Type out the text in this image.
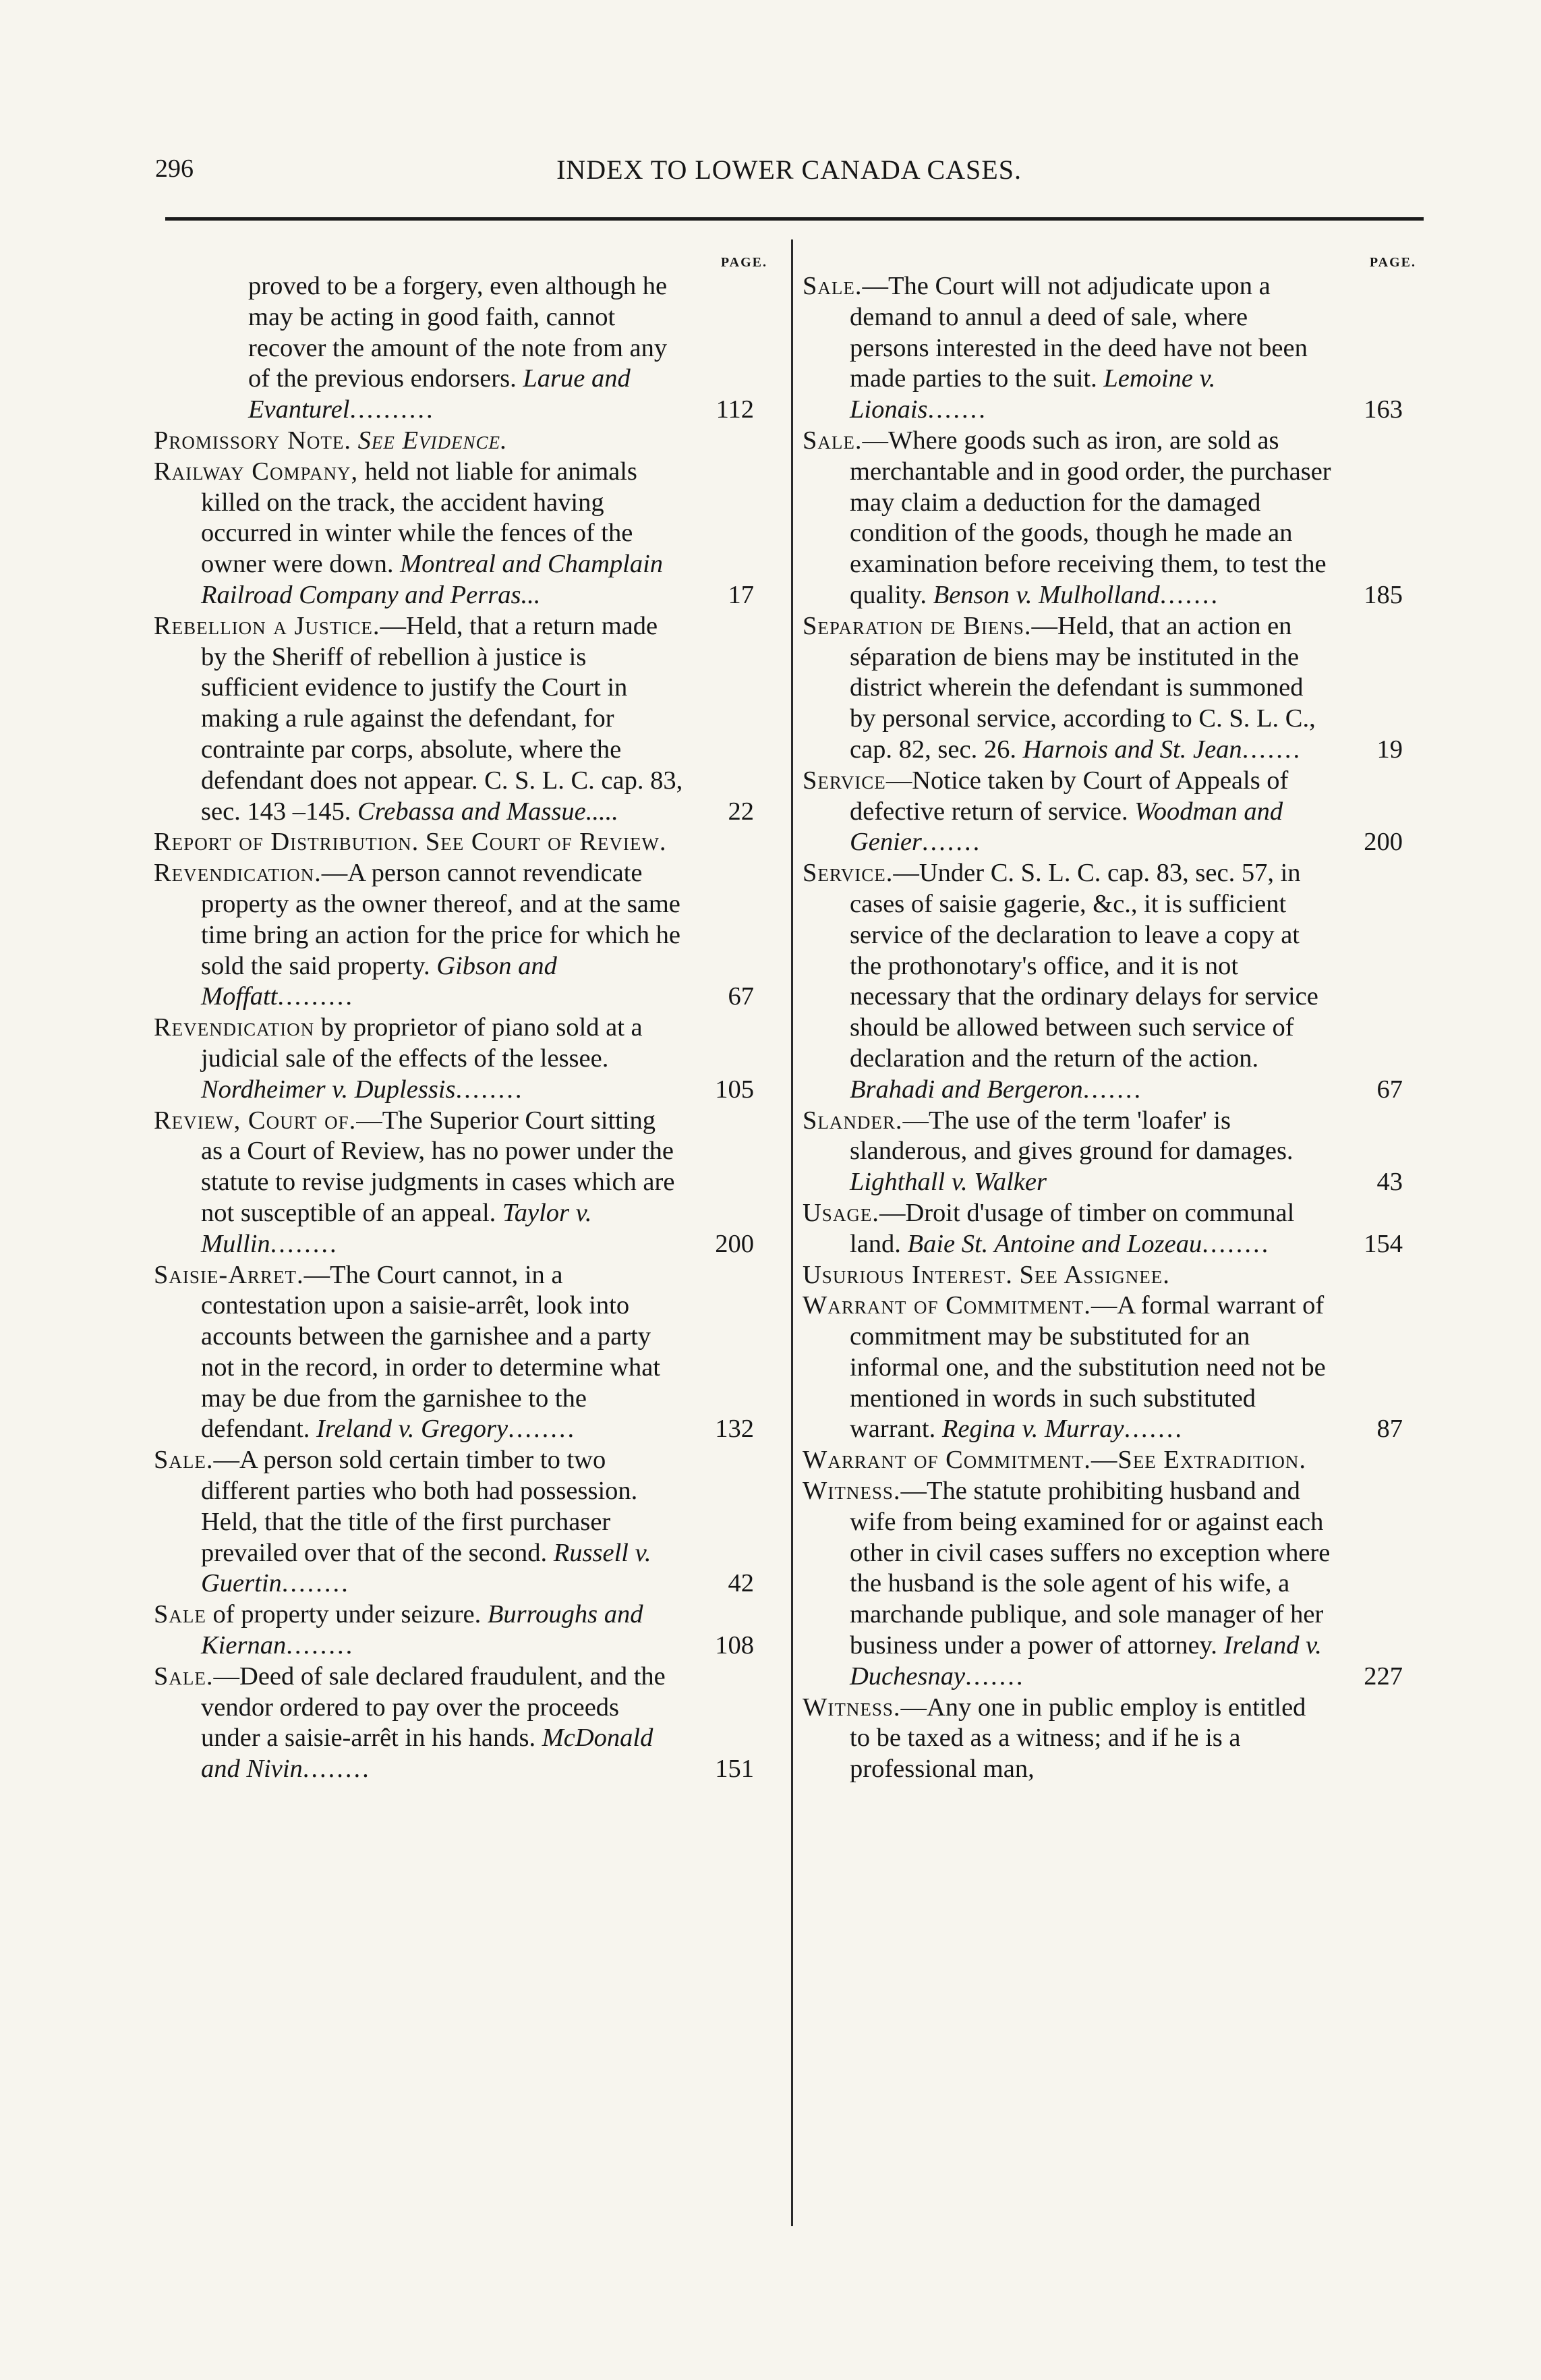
296	INDEX TO LOWER CANADA CASES.
PAGE.
proved to be a forgery, even although he may be acting in good faith, cannot recover the amount of the note from any of the previous endorsers. Larue and Evanturel..........	112
Promissory Note. See Evidence.
Railway Company, held not liable for animals killed on the track, the accident having occurred in winter while the fences of the owner were down. Montreal and Champlain Railroad Company and Perras...	17
Rebellion a Justice.—Held, that a return made by the Sheriff of rebellion à justice is sufficient evidence to justify the Court in making a rule against the defendant, for contrainte par corps, absolute, where the defendant does not appear. C. S. L. C. cap. 83, sec. 143 –145. Crebassa and Massue.....	22
Report of Distribution. See Court of Review.
Revendication.—A person cannot revendicate property as the owner thereof, and at the same time bring an action for the price for which he sold the said property. Gibson and Moffatt.........	67
Revendication by proprietor of piano sold at a judicial sale of the effects of the lessee. Nordheimer v. Duplessis........	105
Review, Court of.—The Superior Court sitting as a Court of Review, has no power under the statute to revise judgments in cases which are not susceptible of an appeal. Taylor v. Mullin........	200
Saisie-Arret.—The Court cannot, in a contestation upon a saisie-arrêt, look into accounts between the garnishee and a party not in the record, in order to determine what may be due from the garnishee to the defendant. Ireland v. Gregory........	132
Sale.—A person sold certain timber to two different parties who both had possession. Held, that the title of the first purchaser prevailed over that of the second. Russell v. Guertin........	42
Sale of property under seizure. Burroughs and Kiernan........	108
Sale.—Deed of sale declared fraudulent, and the vendor ordered to pay over the proceeds under a saisie-arrêt in his hands. McDonald and Nivin........	151
PAGE.
Sale.—The Court will not adjudicate upon a demand to annul a deed of sale, where persons interested in the deed have not been made parties to the suit. Lemoine v. Lionais.......	163
Sale.—Where goods such as iron, are sold as merchantable and in good order, the purchaser may claim a deduction for the damaged condition of the goods, though he made an examination before receiving them, to test the quality. Benson v. Mulholland.......	185
Separation de Biens.—Held, that an action en séparation de biens may be instituted in the district wherein the defendant is summoned by personal service, according to C. S. L. C., cap. 82, sec. 26. Harnois and St. Jean.......	19
Service—Notice taken by Court of Appeals of defective return of service. Woodman and Genier.......	200
Service.—Under C. S. L. C. cap. 83, sec. 57, in cases of saisie gagerie, &c., it is sufficient service of the declaration to leave a copy at the prothonotary's office, and it is not necessary that the ordinary delays for service should be allowed between such service of declaration and the return of the action. Brahadi and Bergeron.......	67
Slander.—The use of the term 'loafer' is slanderous, and gives ground for damages. Lighthall v. Walker	43
Usage.—Droit d'usage of timber on communal land. Baie St. Antoine and Lozeau........	154
Usurious Interest. See Assignee.
Warrant of Commitment.—A formal warrant of commitment may be substituted for an informal one, and the substitution need not be mentioned in words in such substituted warrant. Regina v. Murray.......	87
Warrant of Commitment.—See Extradition.
Witness.—The statute prohibiting husband and wife from being examined for or against each other in civil cases suffers no exception where the husband is the sole agent of his wife, a marchande publique, and sole manager of her business under a power of attorney. Ireland v. Duchesnay.......	227
Witness.—Any one in public employ is entitled to be taxed as a witness; and if he is a professional man,
